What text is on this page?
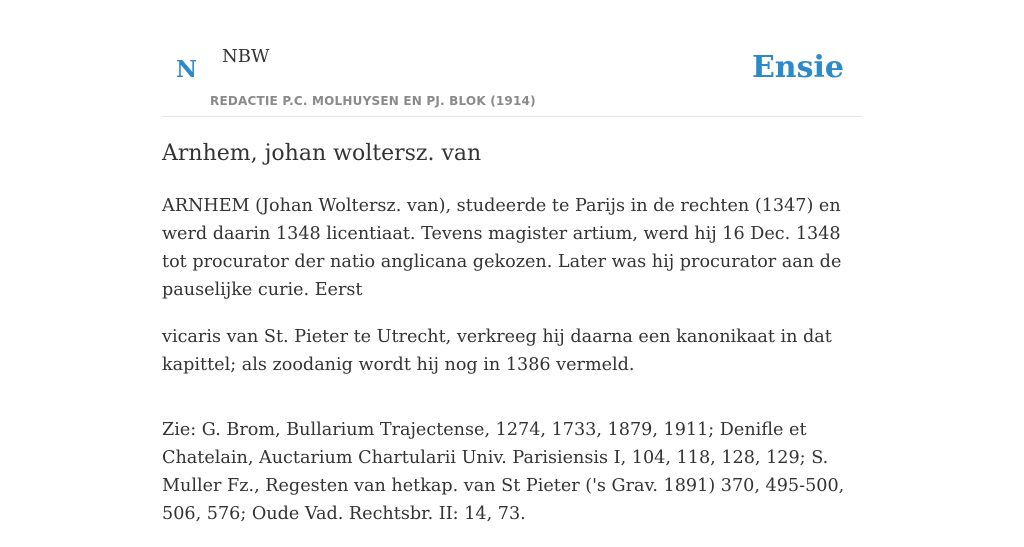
N NBW
REDACTIE P.C. MOLHUYSEN EN PJ. BLOK (1914)
Ensie
Arnhem, johan woltersz. van

ARNHEM (Johan Woltersz. van), studeerde te Parijs in de rechten (1347) en werd daarin 1348 licentiaat. Tevens magister artium, werd hij 16 Dec. 1348 tot procurator der natio anglicana gekozen. Later was hij procurator aan de pauselijke curie. Eerst

vicaris van St. Pieter te Utrecht, verkreeg hij daarna een kanonikaat in dat kapittel; als zoodanig wordt hij nog in 1386 vermeld.

Zie: G. Brom, Bullarium Trajectense, 1274, 1733, 1879, 1911; Denifle et Chatelain, Auctarium Chartularii Univ. Parisiensis I, 104, 118, 128, 129; S. Muller Fz., Regesten van hetkap. van St Pieter ('s Grav. 1891) 370, 495-500, 506, 576; Oude Vad. Rechtsbr. II: 14, 73.
